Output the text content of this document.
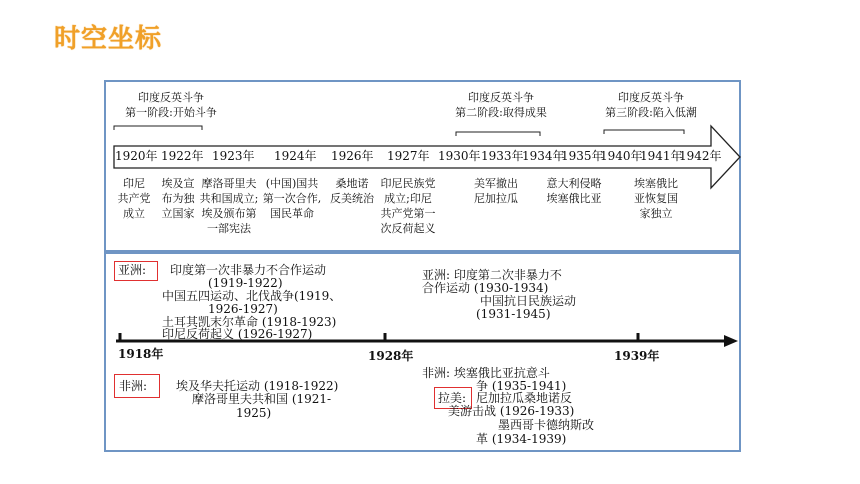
时空坐标
印度反英斗争
第一阶段:开始斗争
印度反英斗争
第二阶段:取得成果
印度反英斗争
第三阶段:陷入低潮
1920年 1922年 1923年 1924年 1926年 1927年 1930年 1933年
1934年
1935年
1940年
1941年
1942年
印尼
共产党
成立
埃及宣
布为独
立国家
摩洛哥里夫
共和国成立;
埃及颁布第
一部宪法
(中国)国共
第一次合作,
国民革命
桑地诺
反美统治
印尼民族党
成立;印尼
共产党第一
次反荷起义
美军撤出
尼加拉瓜
意大利侵略
埃塞俄比亚
埃塞俄比
亚恢复国
家独立
亚洲: 印度第一次非暴力不合作运动
(1919-1922)
中国五四运动、北伐战争(1919、
1926-1927)
土耳其凯末尔革命 (1918-1923)
印尼反荷起义 (1926-1927)
亚洲: 印度第二次非暴力不
合作运动 (1930-1934)
中国抗日民族运动
(1931-1945)
1918年	1928年	1939年
非洲: 埃塞俄比亚抗意斗
争 (1935-1941)
非洲: 埃及华夫托运动 (1918-1922)
摩洛哥里夫共和国 (1921-
1925)
拉美: 尼加拉瓜桑地诺反
美游击战 (1926-1933)
墨西哥卡德纳斯改
革 (1934-1939)
